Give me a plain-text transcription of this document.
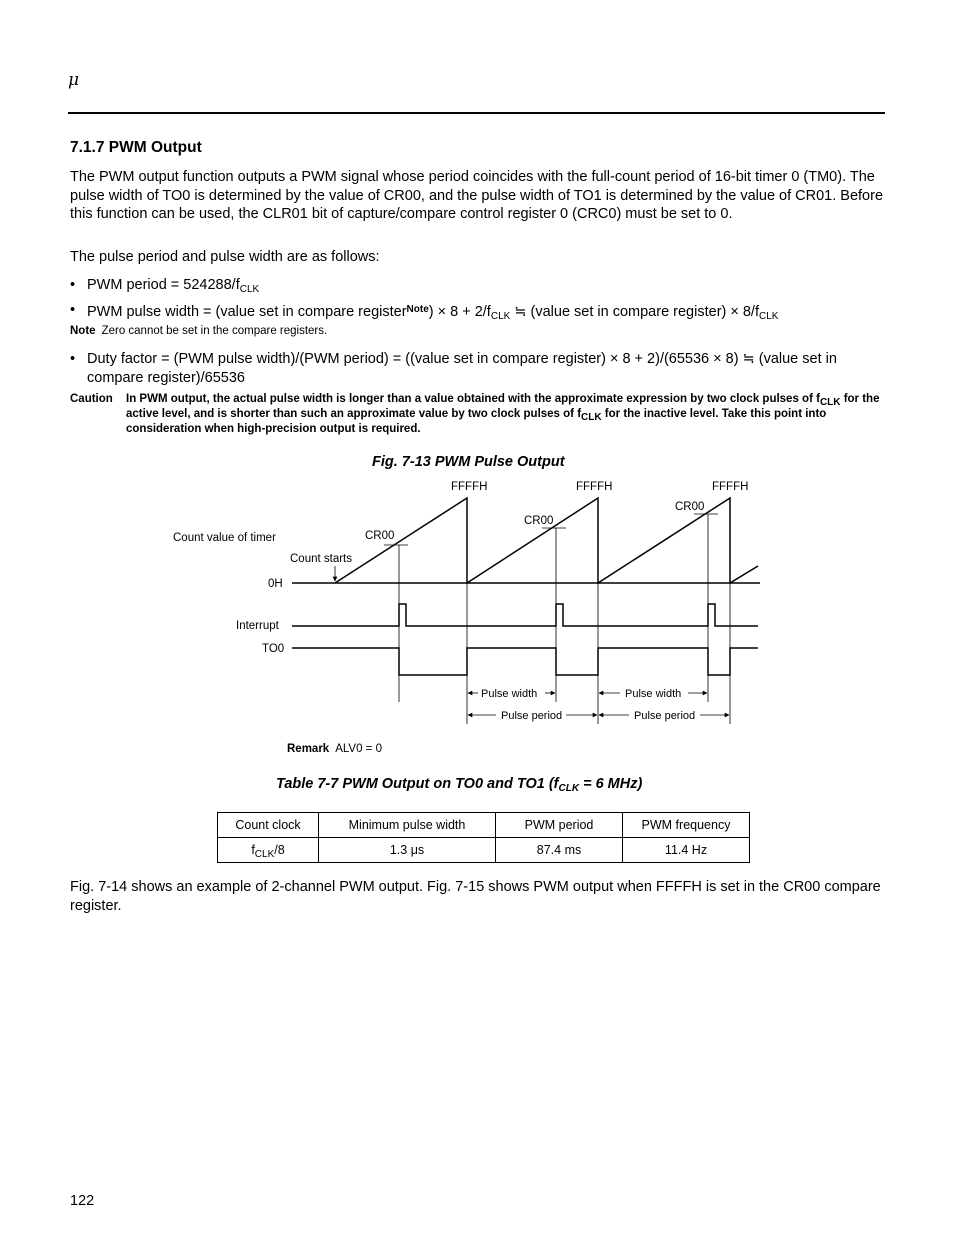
μ
7.1.7 PWM Output
The PWM output function outputs a PWM signal whose period coincides with the full-count period of 16-bit timer 0 (TM0). The pulse width of TO0 is determined by the value of CR00, and the pulse width of TO1 is determined by the value of CR01. Before this function can be used, the CLR01 bit of capture/compare control register 0 (CRC0) must be set to 0.
The pulse period and pulse width are as follows:
• PWM period = $524288/f_{CLK}$
• PWM pulse width = (value set in compare register$^{Note}$) × $8 + 2/f_{CLK}$ ≒ (value set in compare register) × $8/f_{CLK}$
Note Zero cannot be set in the compare registers.
• Duty factor = (PWM pulse width)/(PWM period) = ((value set in compare register) × 8 + 2)/(65536 × 8) ≒ (value set in compare register)/65536
Caution	In PWM output, the actual pulse width is longer than a value obtained with the approximate expression by two clock pulses of $f_{CLK}$ for the active level, and is shorter than such an approximate value by two clock pulses of $f_{CLK}$ for the inactive level. Take this point into consideration when high-precision output is required.
Fig. 7-13 PWM Pulse Output
Count value of timer
Count starts
0H
Interrupt
TO0
FFFFH	FFFFH	FFFFH
CR00
CR00
CR00
Pulse width	Pulse width
Pulse period	Pulse period
Remark ALV0 = 0
Table 7-7 PWM Output on TO0 and TO1 ($f_{CLK} = 6$ MHz)
Count clock	Minimum pulse width	PWM period	PWM frequency
$f_{CLK}/8$	1.3 μs	87.4 ms	11.4 Hz
Fig. 7-14 shows an example of 2-channel PWM output. Fig. 7-15 shows PWM output when FFFFH is set in the CR00 compare register.
122
